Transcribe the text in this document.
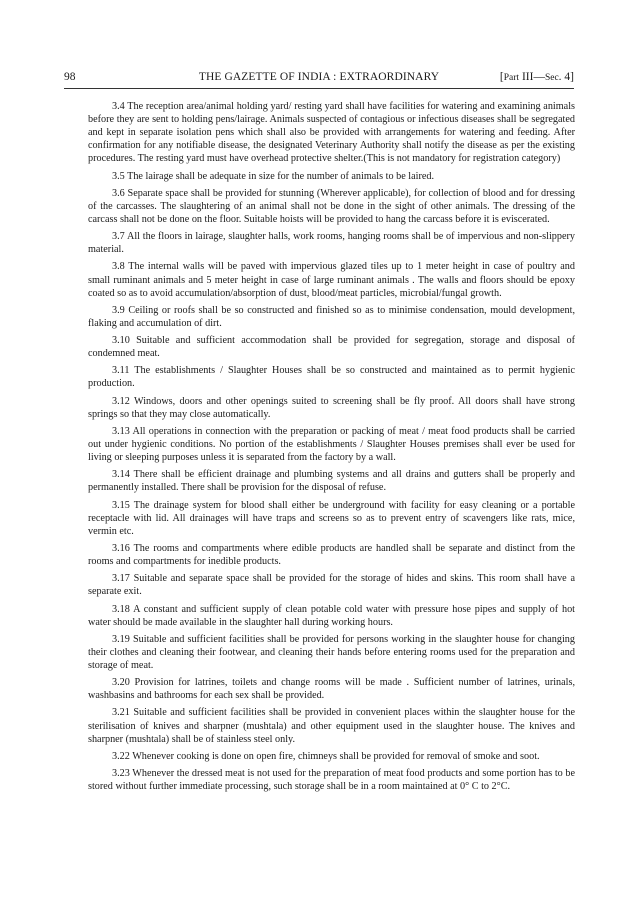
98	THE GAZETTE OF INDIA : EXTRAORDINARY	[Part III—Sec. 4]

3.4 The reception area/animal holding yard/ resting yard shall have facilities for watering and examining animals before they are sent to holding pens/lairage. Animals suspected of contagious or infectious diseases shall be segregated and kept in separate isolation pens which shall also be provided with arrangements for watering and feeding. After confirmation for any notifiable disease, the designated Veterinary Authority shall notify the disease as per the existing procedures. The resting yard must have overhead protective shelter.(This is not mandatory for registration category)

3.5 The lairage shall be adequate in size for the number of animals to be laired.

3.6 Separate space shall be provided for stunning (Wherever applicable), for collection of blood and for dressing of the carcasses. The slaughtering of an animal shall not be done in the sight of other animals. The dressing of the carcass shall not be done on the floor. Suitable hoists will be provided to hang the carcass before it is eviscerated.

3.7 All the floors in lairage, slaughter halls, work rooms, hanging rooms shall be of impervious and non-slippery material.

3.8 The internal walls will be paved with impervious glazed tiles up to 1 meter height in case of poultry and small ruminant animals and 5 meter height in case of large ruminant animals . The walls and floors should be epoxy coated so as to avoid accumulation/absorption of dust, blood/meat particles, microbial/fungal growth.

3.9 Ceiling or roofs shall be so constructed and finished so as to minimise condensation, mould development, flaking and accumulation of dirt.

3.10 Suitable and sufficient accommodation shall be provided for segregation, storage and disposal of condemned meat.

3.11 The establishments / Slaughter Houses shall be so constructed and maintained as to permit hygienic production.

3.12 Windows, doors and other openings suited to screening shall be fly proof. All doors shall have strong springs so that they may close automatically.

3.13 All operations in connection with the preparation or packing of meat / meat food products shall be carried out under hygienic conditions. No portion of the establishments / Slaughter Houses premises shall ever be used for living or sleeping purposes unless it is separated from the factory by a wall.

3.14 There shall be efficient drainage and plumbing systems and all drains and gutters shall be properly and permanently installed. There shall be provision for the disposal of refuse.

3.15 The drainage system for blood shall either be underground with facility for easy cleaning or a portable receptacle with lid. All drainages will have traps and screens so as to prevent entry of scavengers like rats, mice, vermin etc.

3.16 The rooms and compartments where edible products are handled shall be separate and distinct from the rooms and compartments for inedible products.

3.17 Suitable and separate space shall be provided for the storage of hides and skins. This room shall have a separate exit.

3.18 A constant and sufficient supply of clean potable cold water with pressure hose pipes and supply of hot water should be made available in the slaughter hall during working hours.

3.19 Suitable and sufficient facilities shall be provided for persons working in the slaughter house for changing their clothes and cleaning their footwear, and cleaning their hands before entering rooms used for the preparation and storage of meat.

3.20 Provision for latrines, toilets and change rooms will be made . Sufficient number of latrines, urinals, washbasins and bathrooms for each sex shall be provided.

3.21 Suitable and sufficient facilities shall be provided in convenient places within the slaughter house for the sterilisation of knives and sharpner (mushtala) and other equipment used in the slaughter house. The knives and sharpner (mushtala) shall be of stainless steel only.

3.22 Whenever cooking is done on open fire, chimneys shall be provided for removal of smoke and soot.

3.23 Whenever the dressed meat is not used for the preparation of meat food products and some portion has to be stored without further immediate processing, such storage shall be in a room maintained at 0° C to 2°C.
